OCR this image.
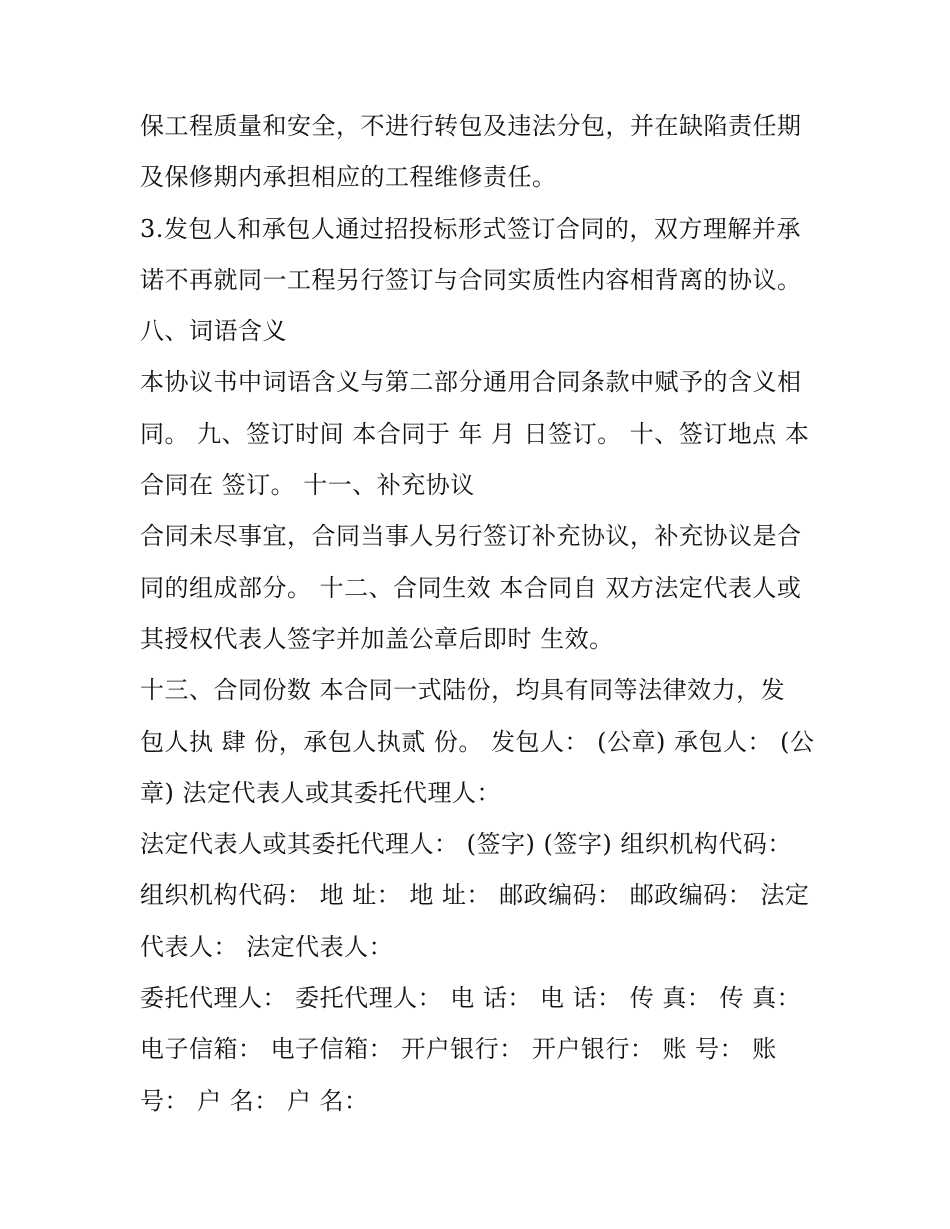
保工程质量和安全，不进行转包及违法分包，并在缺陷责任期
及保修期内承担相应的工程维修责任。
3.发包人和承包人通过招投标形式签订合同的，双方理解并承
诺不再就同一工程另行签订与合同实质性内容相背离的协议。
八、词语含义
本协议书中词语含义与第二部分通用合同条款中赋予的含义相
同。 九、签订时间 本合同于 年 月 日签订。 十、签订地点 本
合同在 签订。 十一、补充协议
合同未尽事宜，合同当事人另行签订补充协议，补充协议是合
同的组成部分。 十二、合同生效 本合同自 双方法定代表人或
其授权代表人签字并加盖公章后即时 生效。
十三、合同份数 本合同一式陆份，均具有同等法律效力，发
包人执 肆 份，承包人执贰 份。 发包人： (公章) 承包人： (公
章) 法定代表人或其委托代理人：
法定代表人或其委托代理人： (签字) (签字) 组织机构代码：
组织机构代码： 地 址： 地 址： 邮政编码： 邮政编码： 法定
代表人： 法定代表人：
委托代理人： 委托代理人： 电 话： 电 话： 传 真： 传 真：
电子信箱： 电子信箱： 开户银行： 开户银行： 账 号： 账
号： 户 名： 户 名：
